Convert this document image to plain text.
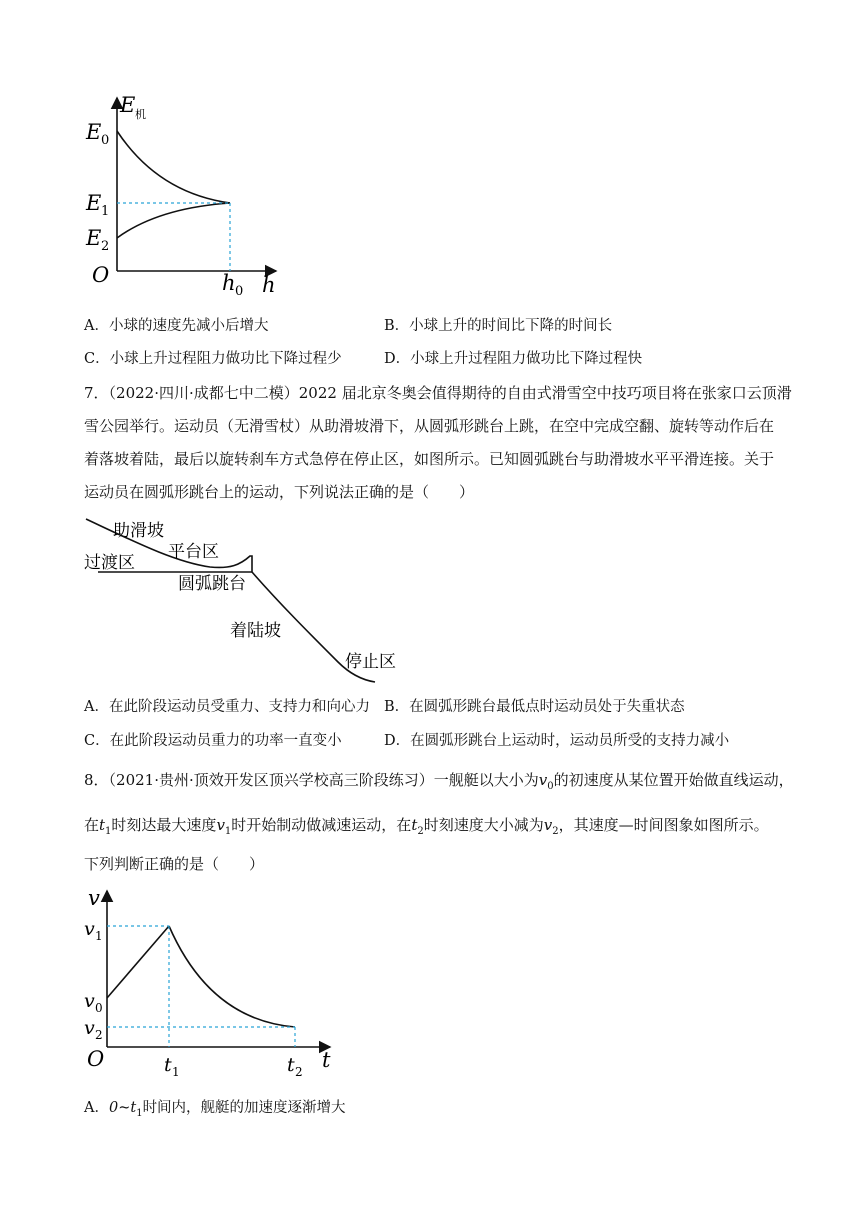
E 机
E 0
E 1
E 2
O	h 0 h
A．小球的速度先减小后增大	B．小球上升的时间比下降的时间长
C．小球上升过程阻力做功比下降过程少	D．小球上升过程阻力做功比下降过程快
7．（2022·四川·成都七中二模）2022 届北京冬奥会值得期待的自由式滑雪空中技巧项目将在张家口云顶滑
雪公园举行。运动员（无滑雪杖）从助滑坡滑下，从圆弧形跳台上跳，在空中完成空翻、旋转等动作后在
着落坡着陆，最后以旋转刹车方式急停在停止区，如图所示。已知圆弧跳台与助滑坡水平平滑连接。关于
运动员在圆弧形跳台上的运动，下列说法正确的是（　　）
助滑坡
平台区
过渡区
圆弧跳台
着陆坡
停止区
A．在此阶段运动员受重力、支持力和向心力 B．在圆弧形跳台最低点时运动员处于失重状态
C．在此阶段运动员重力的功率一直变小	D．在圆弧形跳台上运动时，运动员所受的支持力减小
8．（2021·贵州·顶效开发区顶兴学校高三阶段练习）一舰艇以大小为$v_0$的初速度从某位置开始做直线运动，
在$t_1$时刻达最大速度$v_1$时开始制动做减速运动，在$t_2$时刻速度大小减为$v_2$，其速度—时间图象如图所示。
下列判断正确的是（　　）
v
v 1
v 0
v 2
O	t 1	t 2 t
A．$0\sim t_1$时间内，舰艇的加速度逐渐增大
